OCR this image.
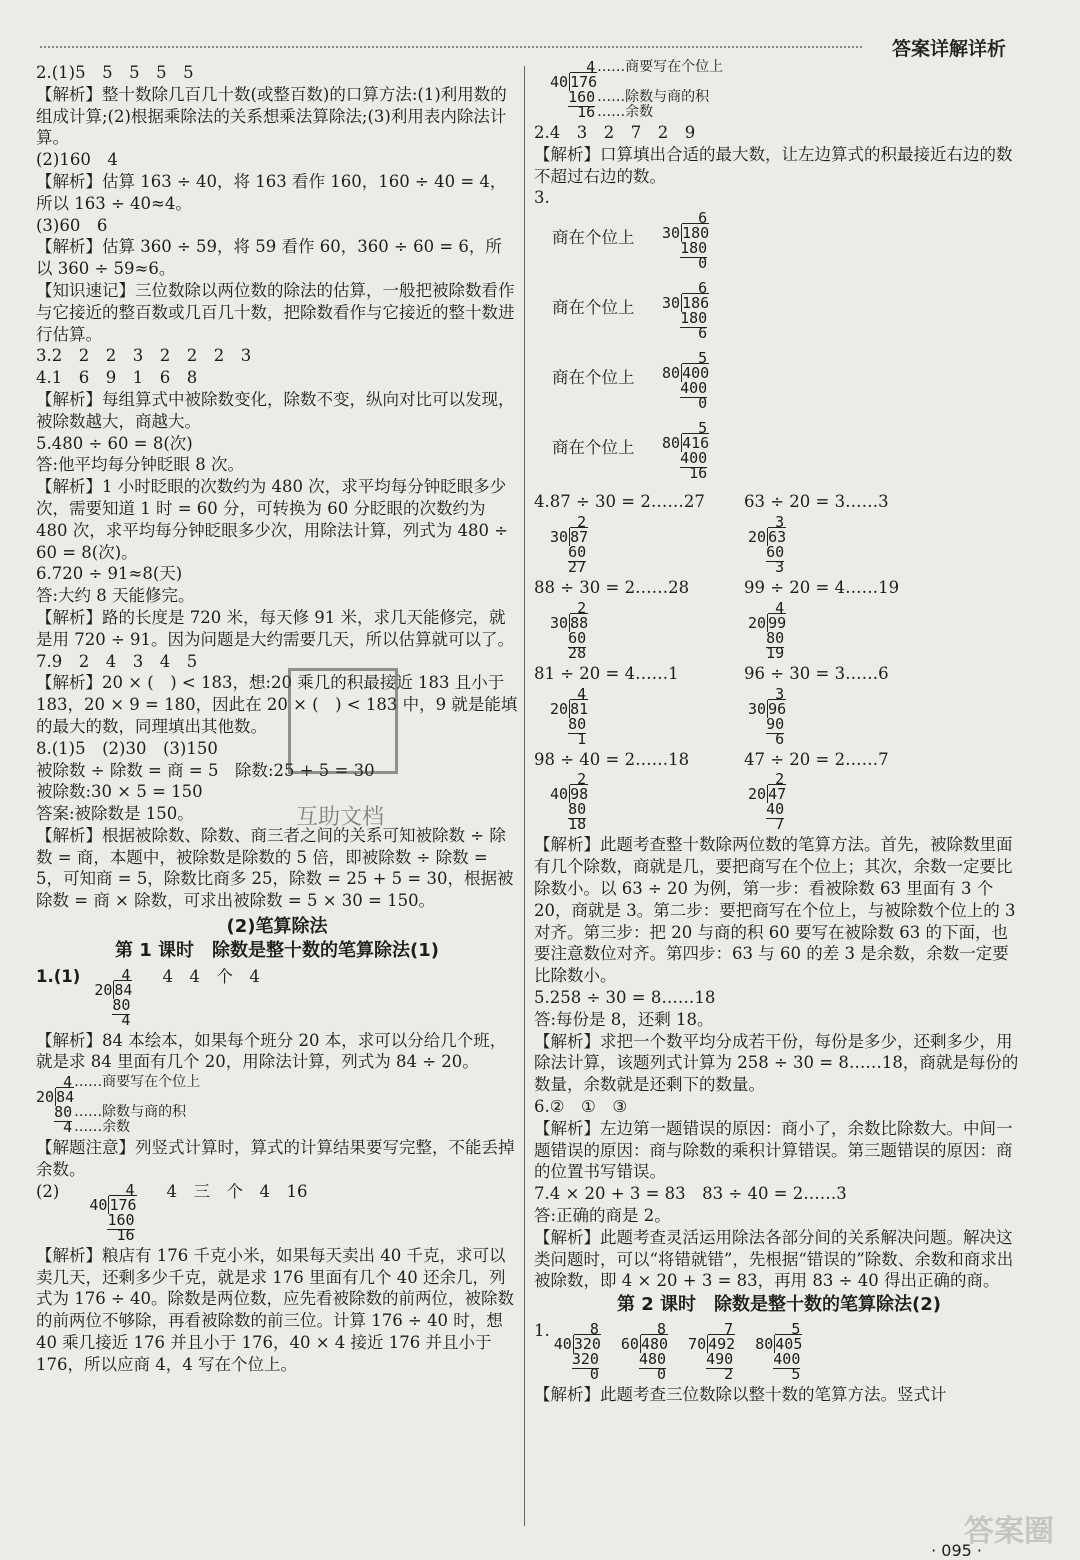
答案详解详析

2.(1)5　5　5　5　5

【解析】整十数除几百几十数(或整百数)的口算方法:(1)利用数的组成计算;(2)根据乘除法的关系想乘法算除法;(3)利用表内除法计算。

(2)160　4

【解析】估算 163 ÷ 40，将 163 看作 160，160 ÷ 40 = 4，所以 163 ÷ 40≈4。

(3)60　6

【解析】估算 360 ÷ 59，将 59 看作 60，360 ÷ 60 = 6，所以 360 ÷ 59≈6。

【知识速记】三位数除以两位数的除法的估算，一般把被除数看作与它接近的整百数或几百几十数，把除数看作与它接近的整十数进行估算。

3.2　2　2　3　2　2　2　3

4.1　6　9　1　6　8

【解析】每组算式中被除数变化，除数不变，纵向对比可以发现，被除数越大，商越大。

5.480 ÷ 60 = 8(次)

答:他平均每分钟眨眼 8 次。

【解析】1 小时眨眼的次数约为 480 次，求平均每分钟眨眼多少次，需要知道 1 时 = 60 分，可转换为 60 分眨眼的次数约为 480 次，求平均每分钟眨眼多少次，用除法计算，列式为 480 ÷ 60 = 8(次)。

6.720 ÷ 91≈8(天)

答:大约 8 天能修完。

【解析】路的长度是 720 米，每天修 91 米，求几天能修完，就是用 720 ÷ 91。因为问题是大约需要几天，所以估算就可以了。

7.9　2　4　3　4　5

【解析】20 × (　) < 183，想:20 乘几的积最接近 183 且小于 183，20 × 9 = 180，因此在 20 × (　) < 183 中，9 就是能填的最大的数，同理填出其他数。

8.(1)5　(2)30　(3)150

被除数 ÷ 除数 = 商 = 5　除数:25 + 5 = 30

被除数:30 × 5 = 150

答案:被除数是 150。

【解析】根据被除数、除数、商三者之间的关系可知被除数 ÷ 除数 = 商，本题中，被除数是除数的 5 倍，即被除数 ÷ 除数 = 5，可知商 = 5，除数比商多 25，除数 = 25 + 5 = 30，根据被除数 = 商 × 除数，可求出被除数 = 5 × 30 = 150。

(2)笔算除法
第 1 课时　除数是整十数的笔算除法(1)
1.(1) 4
20 84
80
4
4　4　个　4

【解析】84 本绘本，如果每个班分 20 本，求可以分给几个班，就是求 84 里面有几个 20，用除法计算，列式为 84 ÷ 20。

4
20 84
80
4
……商要写在个位上
……除数与商的积
……余数

【解题注意】列竖式计算时，算式的计算结果要写完整，不能丢掉余数。

(2) 4
40 176
160
16
4　三　个　4　16

【解析】粮店有 176 千克小米，如果每天卖出 40 千克，求可以卖几天，还剩多少千克，就是求 176 里面有几个 40 还余几，列式为 176 ÷ 40。除数是两位数，应先看被除数的前两位，被除数的前两位不够除，再看被除数的前三位。计算 176 ÷ 40 时，想 40 乘几接近 176 并且小于 176，40 × 4 接近 176 并且小于 176，所以应商 4，4 写在个位上。

4
40 176
160
16
……商要写在个位上
……除数与商的积
……余数

2.4　3　2　7　2　9

【解析】口算填出合适的最大数，让左边算式的积最接近右边的数不超过右边的数。

3.

商在个位上
6
30 180
180
0
商在个位上
6
30 186
180
6
商在个位上
5
80 400
400
0
商在个位上
5
80 416
400
16

4.87 ÷ 30 = 2……27

2
30 87
60
27

63 ÷ 20 = 3……3

3
20 63
60
3

88 ÷ 30 = 2……28

2
30 88
60
28

99 ÷ 20 = 4……19

4
20 99
80
19

81 ÷ 20 = 4……1

4
20 81
80
1

96 ÷ 30 = 3……6

3
30 96
90
6

98 ÷ 40 = 2……18

2
40 98
80
18

47 ÷ 20 = 2……7

2
20 47
40
7

【解析】此题考查整十数除两位数的笔算方法。首先，被除数里面有几个除数，商就是几，要把商写在个位上；其次，余数一定要比除数小。以 63 ÷ 20 为例，第一步：看被除数 63 里面有 3 个 20，商就是 3。第二步：要把商写在个位上，与被除数个位上的 3 对齐。第三步：把 20 与商的积 60 要写在被除数 63 的下面，也要注意数位对齐。第四步：63 与 60 的差 3 是余数，余数一定要比除数小。

5.258 ÷ 30 = 8……18

答:每份是 8，还剩 18。

【解析】求把一个数平均分成若干份，每份是多少，还剩多少，用除法计算，该题列式计算为 258 ÷ 30 = 8……18，商就是每份的数量，余数就是还剩下的数量。

6.②　①　③

【解析】左边第一题错误的原因：商小了，余数比除数大。中间一题错误的原因：商与除数的乘积计算错误。第三题错误的原因：商的位置书写错误。

7.4 × 20 + 3 = 83　83 ÷ 40 = 2……3

答:正确的商是 2。

【解析】此题考查灵活运用除法各部分间的关系解决问题。解决这类问题时，可以“将错就错”，先根据“错误的”除数、余数和商求出被除数，即 4 × 20 + 3 = 83，再用 83 ÷ 40 得出正确的商。

第 2 课时　除数是整十数的笔算除法(2)
1. 8
40 320
320
0
8
60 480
480
0
7
70 492
490
2
5
80 405
400
5

【解析】此题考查三位数除以整十数的笔算方法。竖式计

互助文档
答案圈
· 095 ·
